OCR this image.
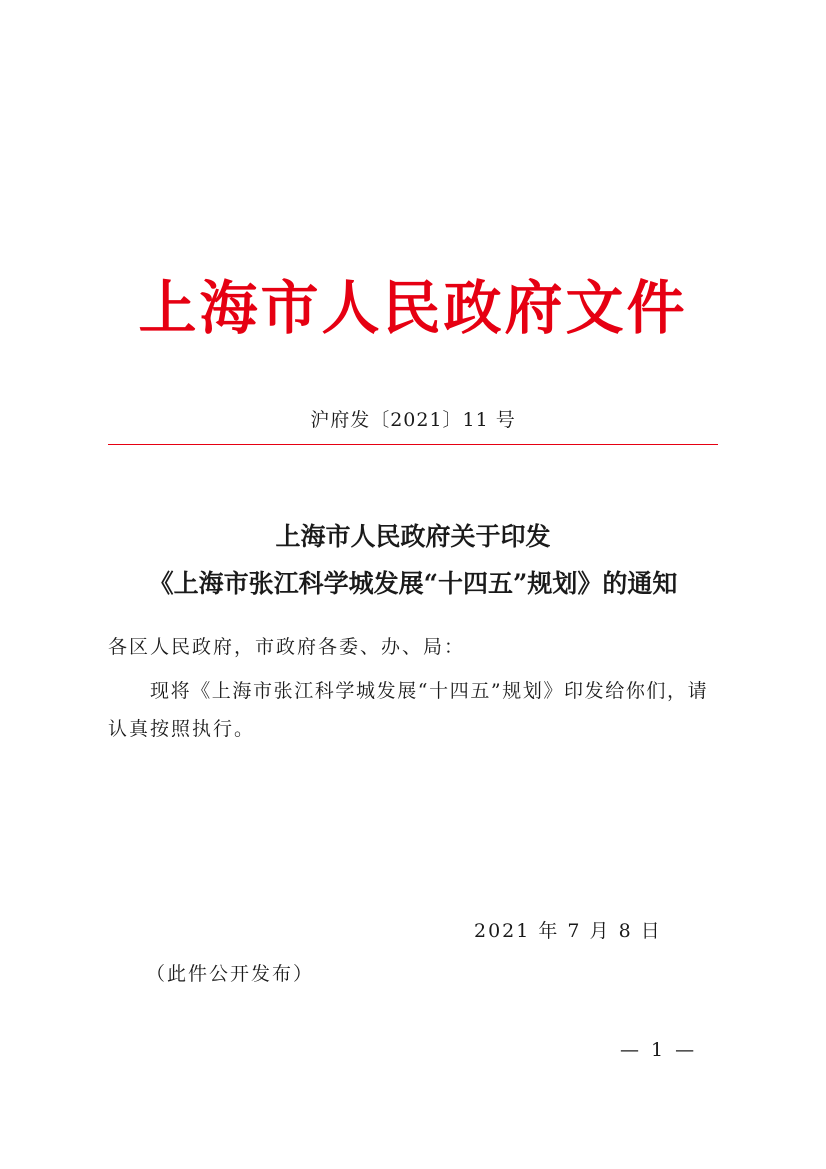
上海市人民政府文件
沪府发〔2021〕11 号
上海市人民政府关于印发
《上海市张江科学城发展“十四五”规划》的通知
各区人民政府，市政府各委、办、局：
现将《上海市张江科学城发展“十四五”规划》印发给你们，请
认真按照执行。
2021 年 7 月 8 日
（此件公开发布）
— 1 —
